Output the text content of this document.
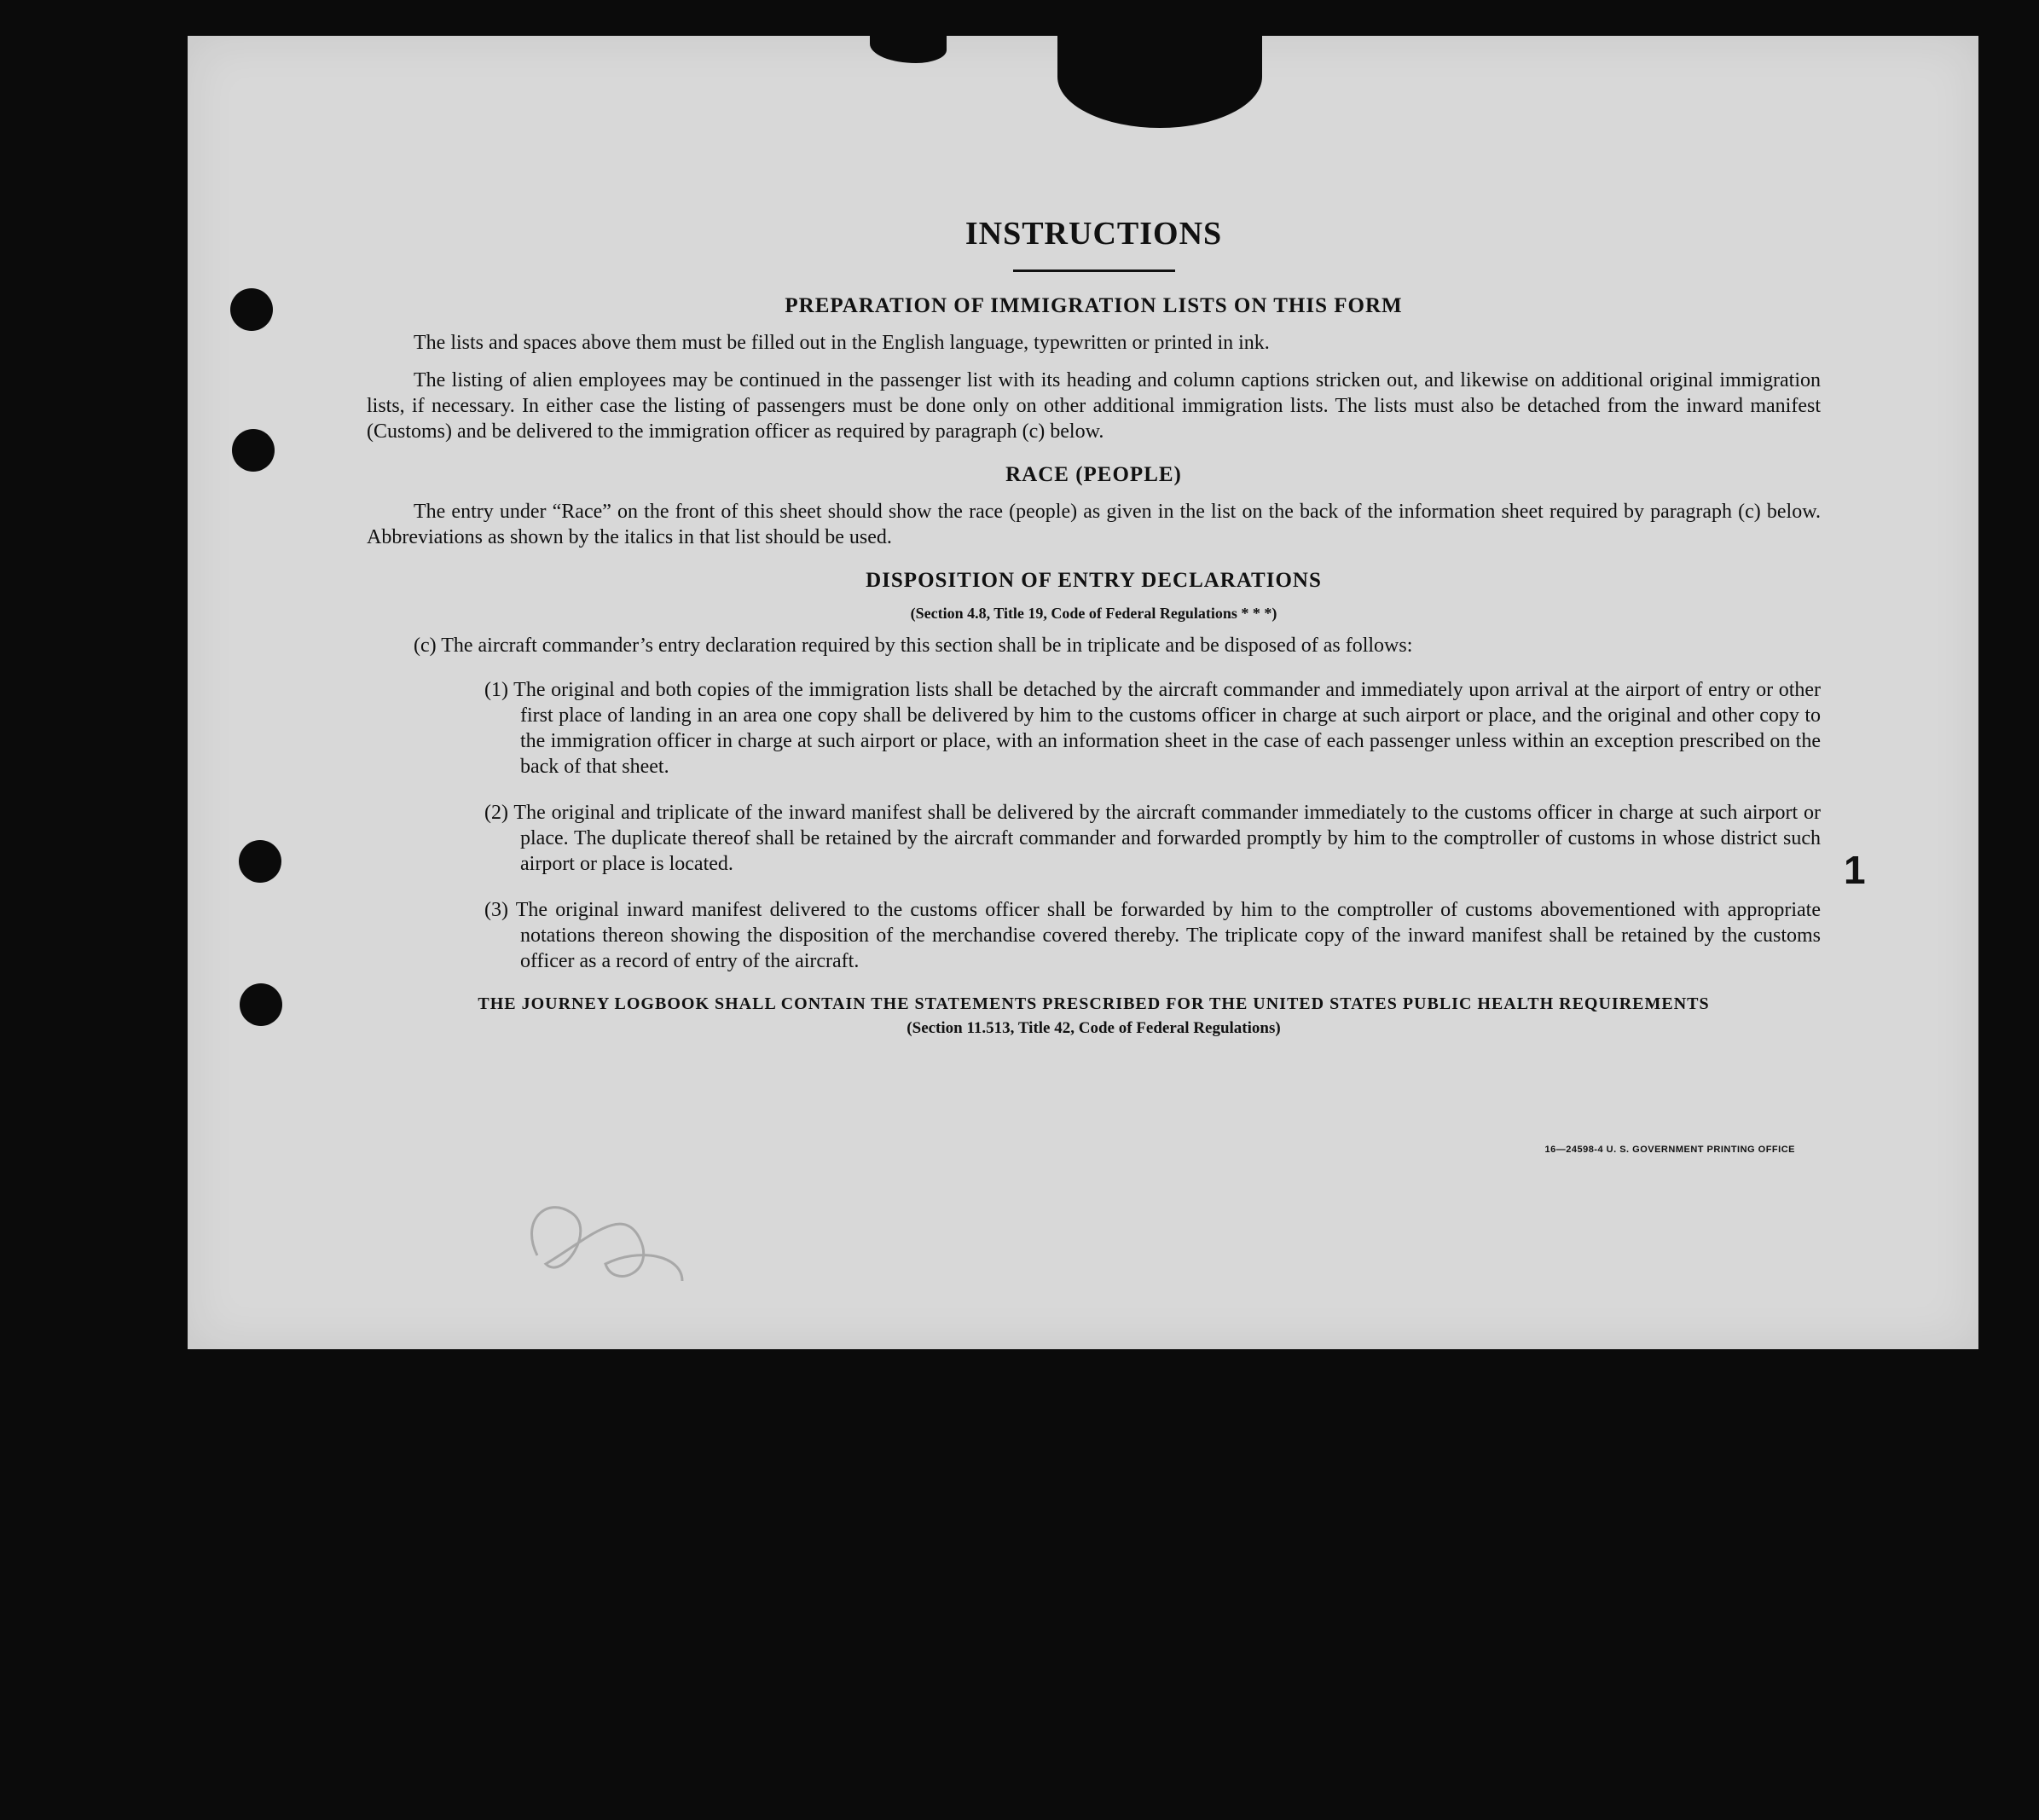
INSTRUCTIONS
PREPARATION OF IMMIGRATION LISTS ON THIS FORM

The lists and spaces above them must be filled out in the English language, typewritten or printed in ink.

The listing of alien employees may be continued in the passenger list with its heading and column captions stricken out, and likewise on additional original immigration lists, if necessary. In either case the listing of passengers must be done only on other additional immigration lists. The lists must also be detached from the inward manifest (Customs) and be delivered to the immigration officer as required by paragraph (c) below.

RACE (PEOPLE)

The entry under “Race” on the front of this sheet should show the race (people) as given in the list on the back of the information sheet required by paragraph (c) below. Abbreviations as shown by the italics in that list should be used.

DISPOSITION OF ENTRY DECLARATIONS
(Section 4.8, Title 19, Code of Federal Regulations * * *)

(c) The aircraft commander’s entry declaration required by this section shall be in triplicate and be disposed of as follows:

(1) The original and both copies of the immigration lists shall be detached by the aircraft commander and immediately upon arrival at the airport of entry or other first place of landing in an area one copy shall be delivered by him to the customs officer in charge at such airport or place, and the original and other copy to the immigration officer in charge at such airport or place, with an information sheet in the case of each passenger unless within an exception prescribed on the back of that sheet.

(2) The original and triplicate of the inward manifest shall be delivered by the aircraft commander immediately to the customs officer in charge at such airport or place. The duplicate thereof shall be retained by the aircraft commander and forwarded promptly by him to the comptroller of customs in whose district such airport or place is located.

(3) The original inward manifest delivered to the customs officer shall be forwarded by him to the comptroller of customs abovementioned with appropriate notations thereon showing the disposition of the merchandise covered thereby. The triplicate copy of the inward manifest shall be retained by the customs officer as a record of entry of the aircraft.

THE JOURNEY LOGBOOK SHALL CONTAIN THE STATEMENTS PRESCRIBED FOR THE UNITED STATES PUBLIC HEALTH REQUIREMENTS
(Section 11.513, Title 42, Code of Federal Regulations)
16—24598-4 U. S. GOVERNMENT PRINTING OFFICE
1
